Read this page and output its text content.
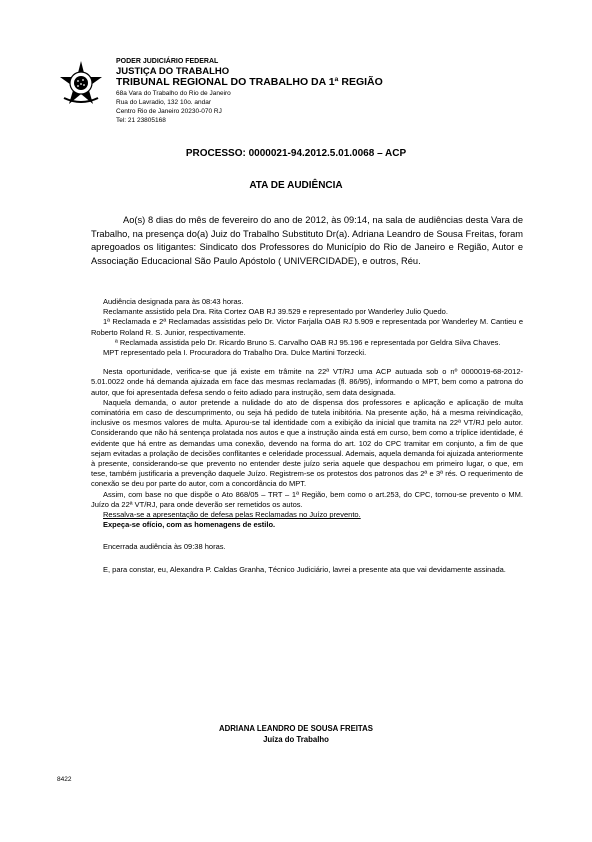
PODER JUDICIÁRIO FEDERAL
JUSTIÇA DO TRABALHO
TRIBUNAL REGIONAL DO TRABALHO DA 1ª REGIÃO
68a Vara do Trabalho do Rio de Janeiro
Rua do Lavradio, 132 10o. andar
Centro Rio de Janeiro 20230-070 RJ
Tel: 21 23805168
PROCESSO: 0000021-94.2012.5.01.0068 – ACP
ATA DE AUDIÊNCIA
Ao(s) 8 dias do mês de fevereiro do ano de 2012, às 09:14, na sala de audiências desta Vara de Trabalho, na presença do(a) Juiz do Trabalho Substituto Dr(a). Adriana Leandro de Sousa Freitas, foram apregoados os litigantes: Sindicato dos Professores do Município do Rio de Janeiro e Região, Autor e Associação Educacional São Paulo Apóstolo ( UNIVERCIDADE), e outros, Réu.

Audiência designada para às 08:43 horas.

Reclamante assistido pela Dra. Rita Cortez OAB RJ 39.529 e representado por Wanderley Julio Quedo.

1ª Reclamada e 2ª Reclamadas assistidas pelo Dr. Victor Farjalla OAB RJ 5.909 e representada por Wanderley M. Cantieu e Roberto Roland R. S. Junior, respectivamente.

ª Reclamada assistida pelo Dr. Ricardo Bruno S. Carvalho OAB RJ 95.196 e representada por Geldra Silva Chaves.

MPT representado pela I. Procuradora do Trabalho Dra. Dulce Martini Torzecki.

Nesta oportunidade, verifica-se que já existe em trâmite na 22ª VT/RJ uma ACP autuada sob o nº 0000019-68-2012-5.01.0022 onde há demanda ajuizada em face das mesmas reclamadas (fl. 86/95), informando o MPT, bem como a patrona do autor, que foi apresentada defesa sendo o feito adiado para instrução, sem data designada.

Naquela demanda, o autor pretende a nulidade do ato de dispensa dos professores e aplicação e aplicação de multa cominatória em caso de descumprimento, ou seja há pedido de tutela inibitória. Na presente ação, há a mesma reivindicação, inclusive os mesmos valores de multa. Apurou-se tal identidade com a exibição da inicial que tramita na 22ª VT/RJ pelo autor. Considerando que não há sentença prolatada nos autos e que a instrução ainda está em curso, bem como a tríplice identidade, é evidente que há entre as demandas uma conexão, devendo na forma do art. 102 do CPC tramitar em conjunto, a fim de que sejam evitadas a prolação de decisões conflitantes e celeridade processual. Ademais, aquela demanda foi ajuizada anteriormente à presente, considerando-se que prevento no entender deste juízo seria aquele que despachou em primeiro lugar, o que, em tese, também justificaria a prevenção daquele Juízo. Registrem-se os protestos dos patronos das 2ª e 3ª rés. O requerimento de conexão se deu por parte do autor, com a concordância do MPT.

Assim, com base no que dispõe o Ato 868/05 – TRT – 1ª Região, bem como o art.253, do CPC, tornou-se prevento o MM. Juízo da 22ª VT/RJ, para onde deverão ser remetidos os autos.

Ressalva-se a apresentação de defesa pelas Reclamadas no Juízo prevento.

Expeça-se ofício, com as homenagens de estilo.

Encerrada audiência às 09:38 horas.

E, para constar, eu, Alexandra P. Caldas Granha, Técnico Judiciário, lavrei a presente ata que vai devidamente assinada.

ADRIANA LEANDRO DE SOUSA FREITAS
Juíza do Trabalho
8422
